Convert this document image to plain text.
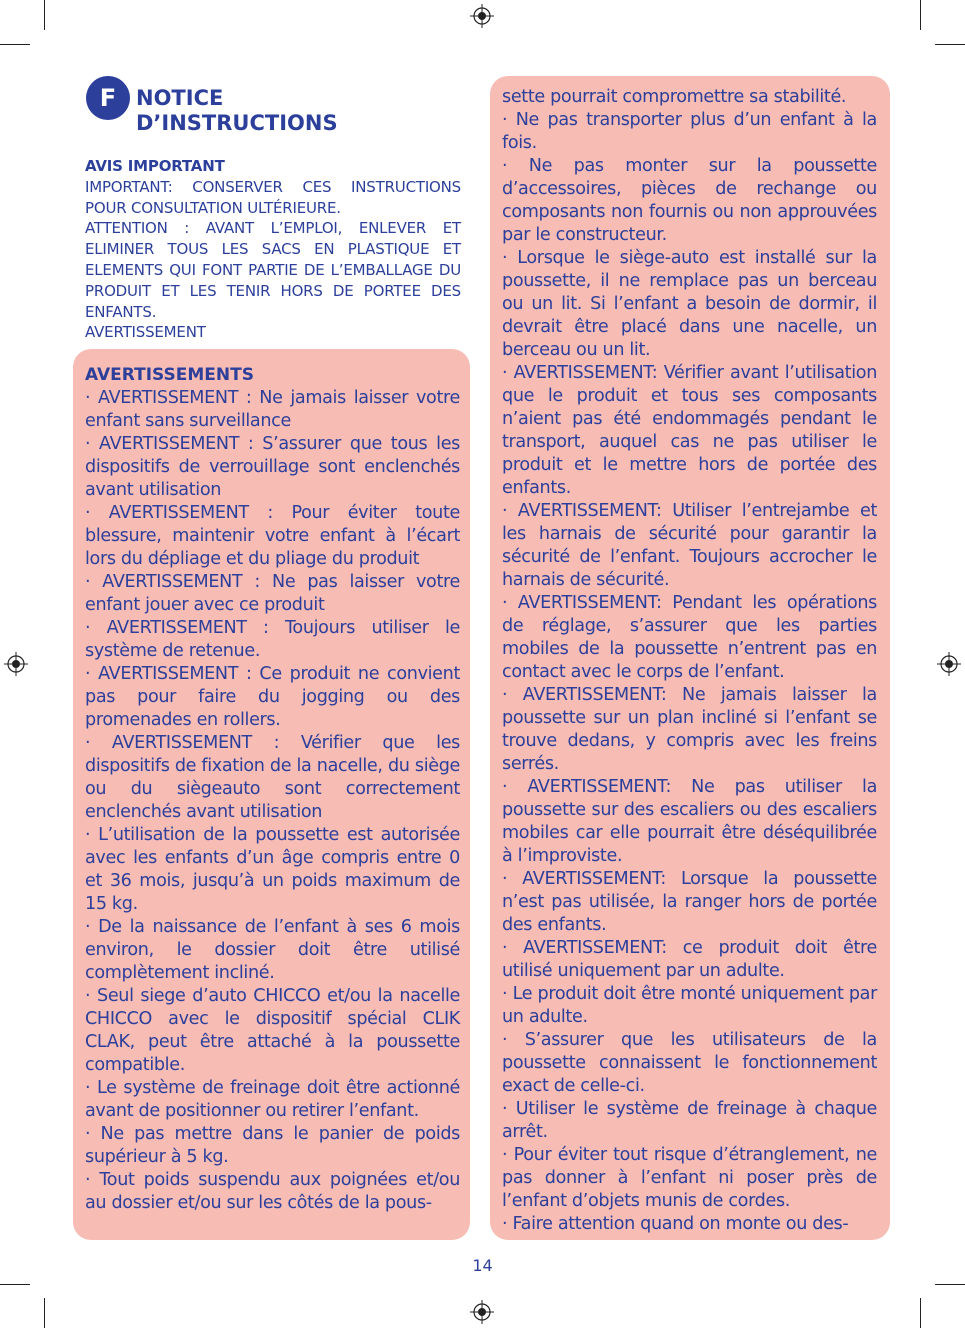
F NOTICE
D’INSTRUCTIONS

AVIS IMPORTANT

IMPORTANT: CONSERVER CES INSTRUCTIONS POUR CONSULTATION ULTÉRIEURE.

ATTENTION : AVANT L’EMPLOI, ENLEVER ET ELIMINER TOUS LES SACS EN PLASTIQUE ET ELEMENTS QUI FONT PARTIE DE L’EMBALLAGE DU PRODUIT ET LES TENIR HORS DE PORTEE DES ENFANTS.

AVERTISSEMENT

AVERTISSEMENTS

· AVERTISSEMENT : Ne jamais laisser votre enfant sans surveillance

· AVERTISSEMENT : S’assurer que tous les dispositifs de verrouillage sont enclenchés avant utilisation

· AVERTISSEMENT : Pour éviter toute blessure, maintenir votre enfant à l’écart lors du dépliage et du pliage du produit

· AVERTISSEMENT : Ne pas laisser votre enfant jouer avec ce produit

· AVERTISSEMENT : Toujours utiliser le système de retenue.

· AVERTISSEMENT : Ce produit ne convient pas pour faire du jogging ou des promenades en rollers.

· AVERTISSEMENT : Vérifier que les dispositifs de fixation de la nacelle, du siège ou du siègeauto sont correctement enclenchés avant utilisation

· L’utilisation de la poussette est autorisée avec les enfants d’un âge compris entre 0 et 36 mois, jusqu’à un poids maximum de 15 kg.

· De la naissance de l’enfant à ses 6 mois environ, le dossier doit être utilisé complètement incliné.

· Seul siege d’auto CHICCO et/ou la nacelle CHICCO avec le dispositif spécial CLIK CLAK, peut être attaché à la poussette compatible.

· Le système de freinage doit être actionné avant de positionner ou retirer l’enfant.

· Ne pas mettre dans le panier de poids supérieur à 5 kg.

· Tout poids suspendu aux poignées et/ou au dossier et/ou sur les côtés de la pous-

sette pourrait compromettre sa stabilité.

· Ne pas transporter plus d’un enfant à la fois.

· Ne pas monter sur la poussette d’accessoires, pièces de rechange ou composants non fournis ou non approuvées par le constructeur.

· Lorsque le siège-auto est installé sur la poussette, il ne remplace pas un berceau ou un lit. Si l’enfant a besoin de dormir, il devrait être placé dans une nacelle, un berceau ou un lit.

· AVERTISSEMENT: Vérifier avant l’utilisation que le produit et tous ses composants n’aient pas été endommagés pendant le transport, auquel cas ne pas utiliser le produit et le mettre hors de portée des enfants.

· AVERTISSEMENT: Utiliser l’entrejambe et les harnais de sécurité pour garantir la sécurité de l’enfant. Toujours accrocher le harnais de sécurité.

· AVERTISSEMENT: Pendant les opérations de réglage, s’assurer que les parties mobiles de la poussette n’entrent pas en contact avec le corps de l’enfant.

· AVERTISSEMENT: Ne jamais laisser la poussette sur un plan incliné si l’enfant se trouve dedans, y compris avec les freins serrés.

· AVERTISSEMENT: Ne pas utiliser la poussette sur des escaliers ou des escaliers mobiles car elle pourrait être déséquilibrée à l’improviste.

· AVERTISSEMENT: Lorsque la poussette n’est pas utilisée, la ranger hors de portée des enfants.

· AVERTISSEMENT: ce produit doit être utilisé uniquement par un adulte.

· Le produit doit être monté uniquement par un adulte.

· S’assurer que les utilisateurs de la poussette connaissent le fonctionnement exact de celle-ci.

· Utiliser le système de freinage à chaque arrêt.

· Pour éviter tout risque d’étranglement, ne pas donner à l’enfant ni poser près de l’enfant d’objets munis de cordes.

· Faire attention quand on monte ou des-

14
